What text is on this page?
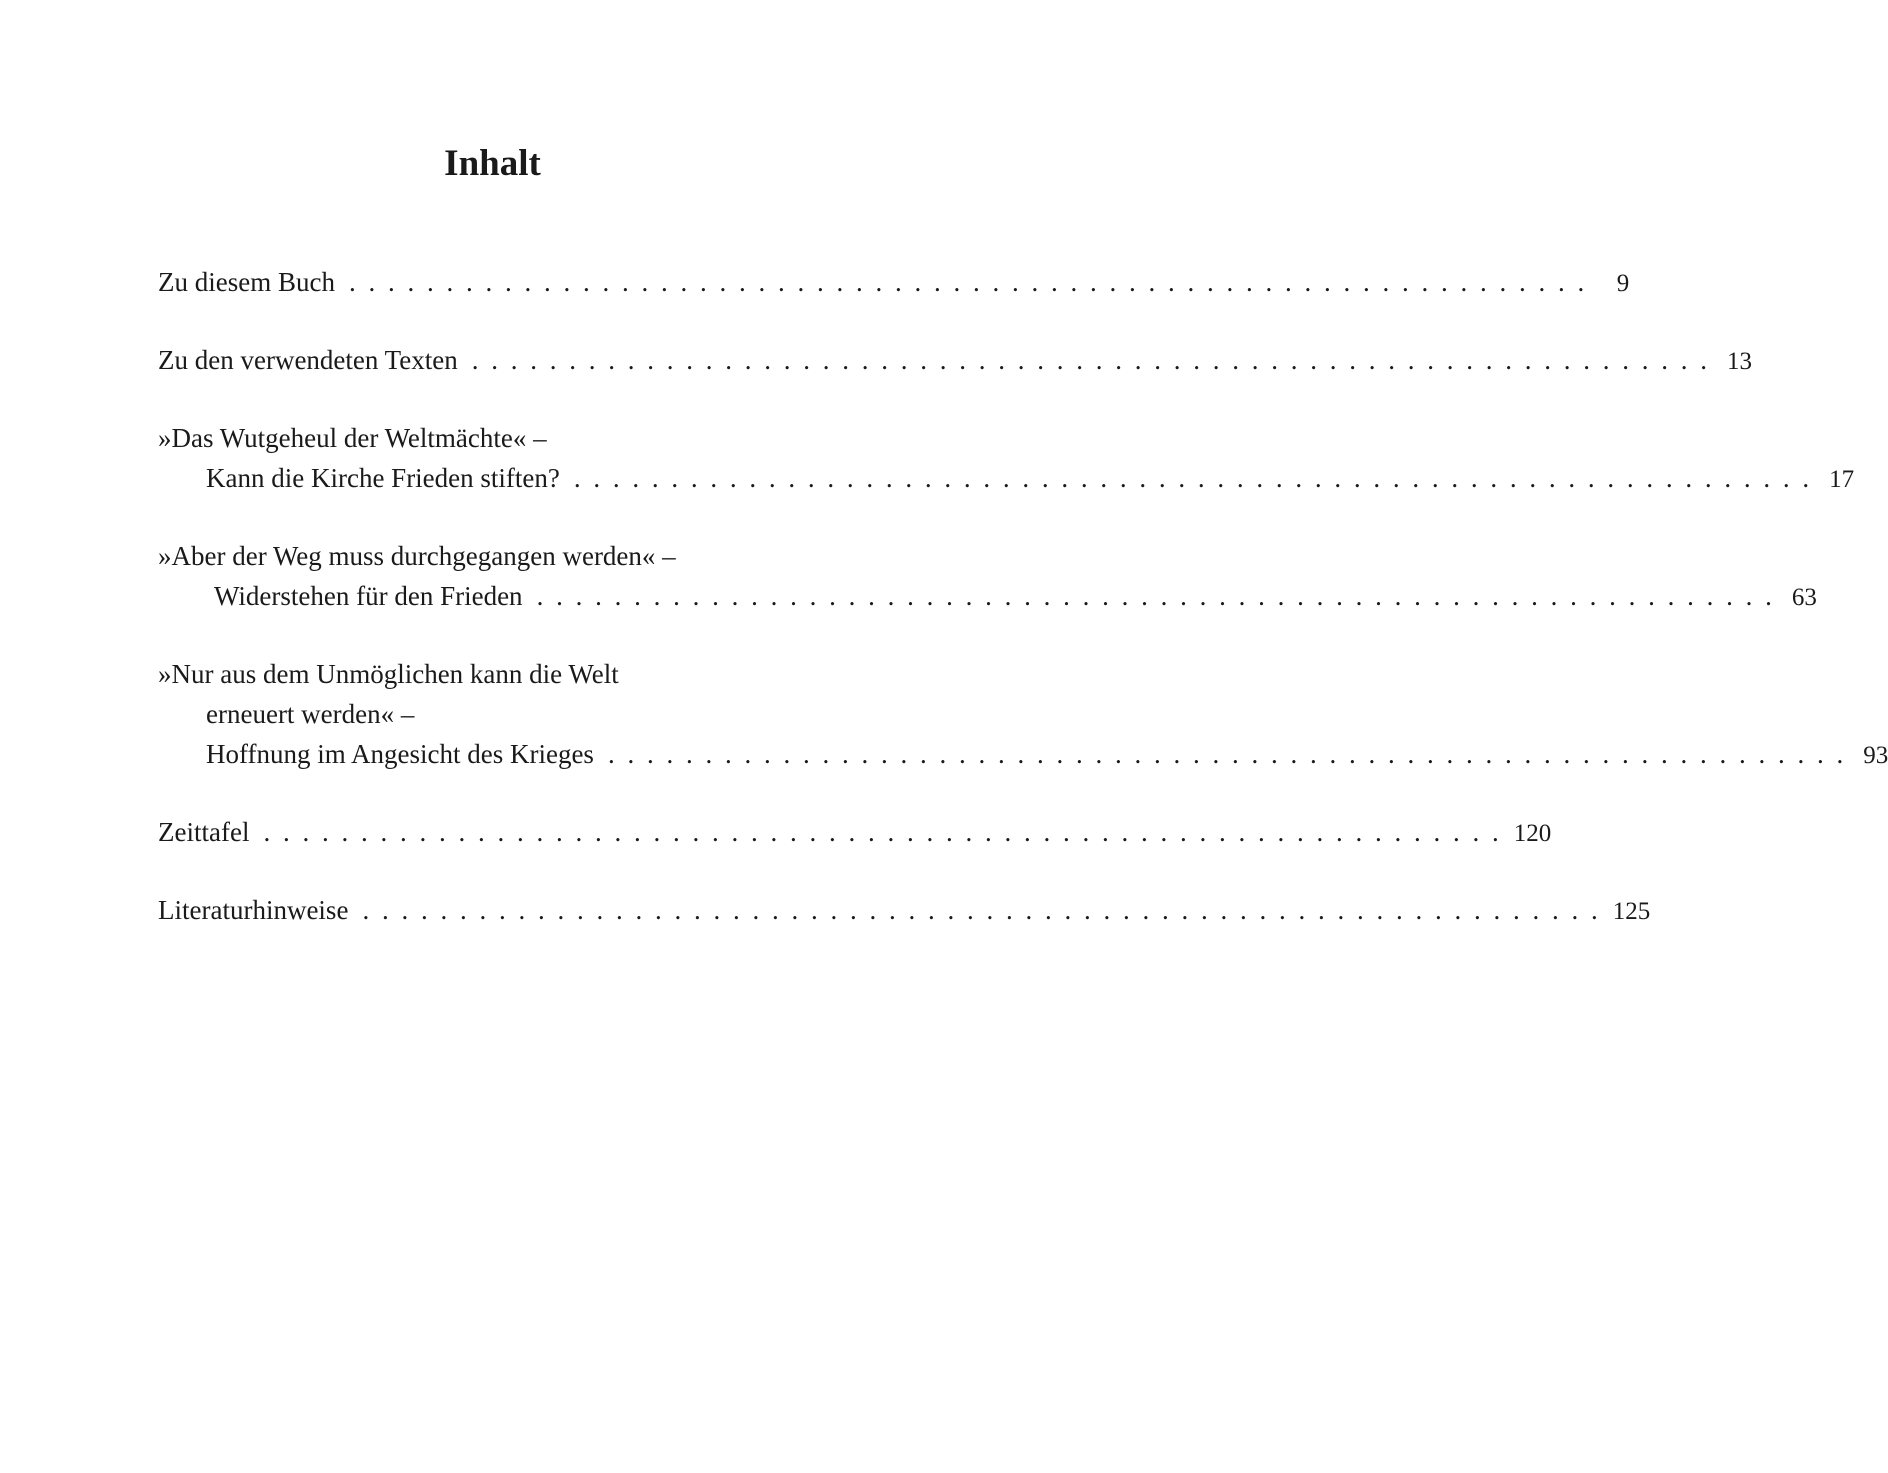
Inhalt
Zu diesem Buch . . . . . . . . . . . . . . . . . . . . . . . . . . . . . . . . . . . . . . . . . . . . . . . . . . . . . . . . . . . . . . . .	9
Zu den verwendeten Texten . . . . . . . . . . . . . . . . . . . . . . . . . . . . . . . . . . . . . . . . . . . . . . . . . . . . . . . . . . . . . . . . 13
»Das Wutgeheul der Weltmächte« –
Kann die Kirche Frieden stiften? . . . . . . . . . . . . . . . . . . . . . . . . . . . . . . . . . . . . . . . . . . . . . . . . . . . . . . . . . . . . . . . . 17
»Aber der Weg muss durchgegangen werden« –
Widerstehen für den Frieden . . . . . . . . . . . . . . . . . . . . . . . . . . . . . . . . . . . . . . . . . . . . . . . . . . . . . . . . . . . . . . . . 63
»Nur aus dem Unmöglichen kann die Welt
erneuert werden« –
Hoffnung im Angesicht des Krieges . . . . . . . . . . . . . . . . . . . . . . . . . . . . . . . . . . . . . . . . . . . . . . . . . . . . . . . . . . . . . . . . 93
Zeittafel . . . . . . . . . . . . . . . . . . . . . . . . . . . . . . . . . . . . . . . . . . . . . . . . . . . . . . . . . . . . . . . . 120
Literaturhinweise . . . . . . . . . . . . . . . . . . . . . . . . . . . . . . . . . . . . . . . . . . . . . . . . . . . . . . . . . . . . . . . . 125
